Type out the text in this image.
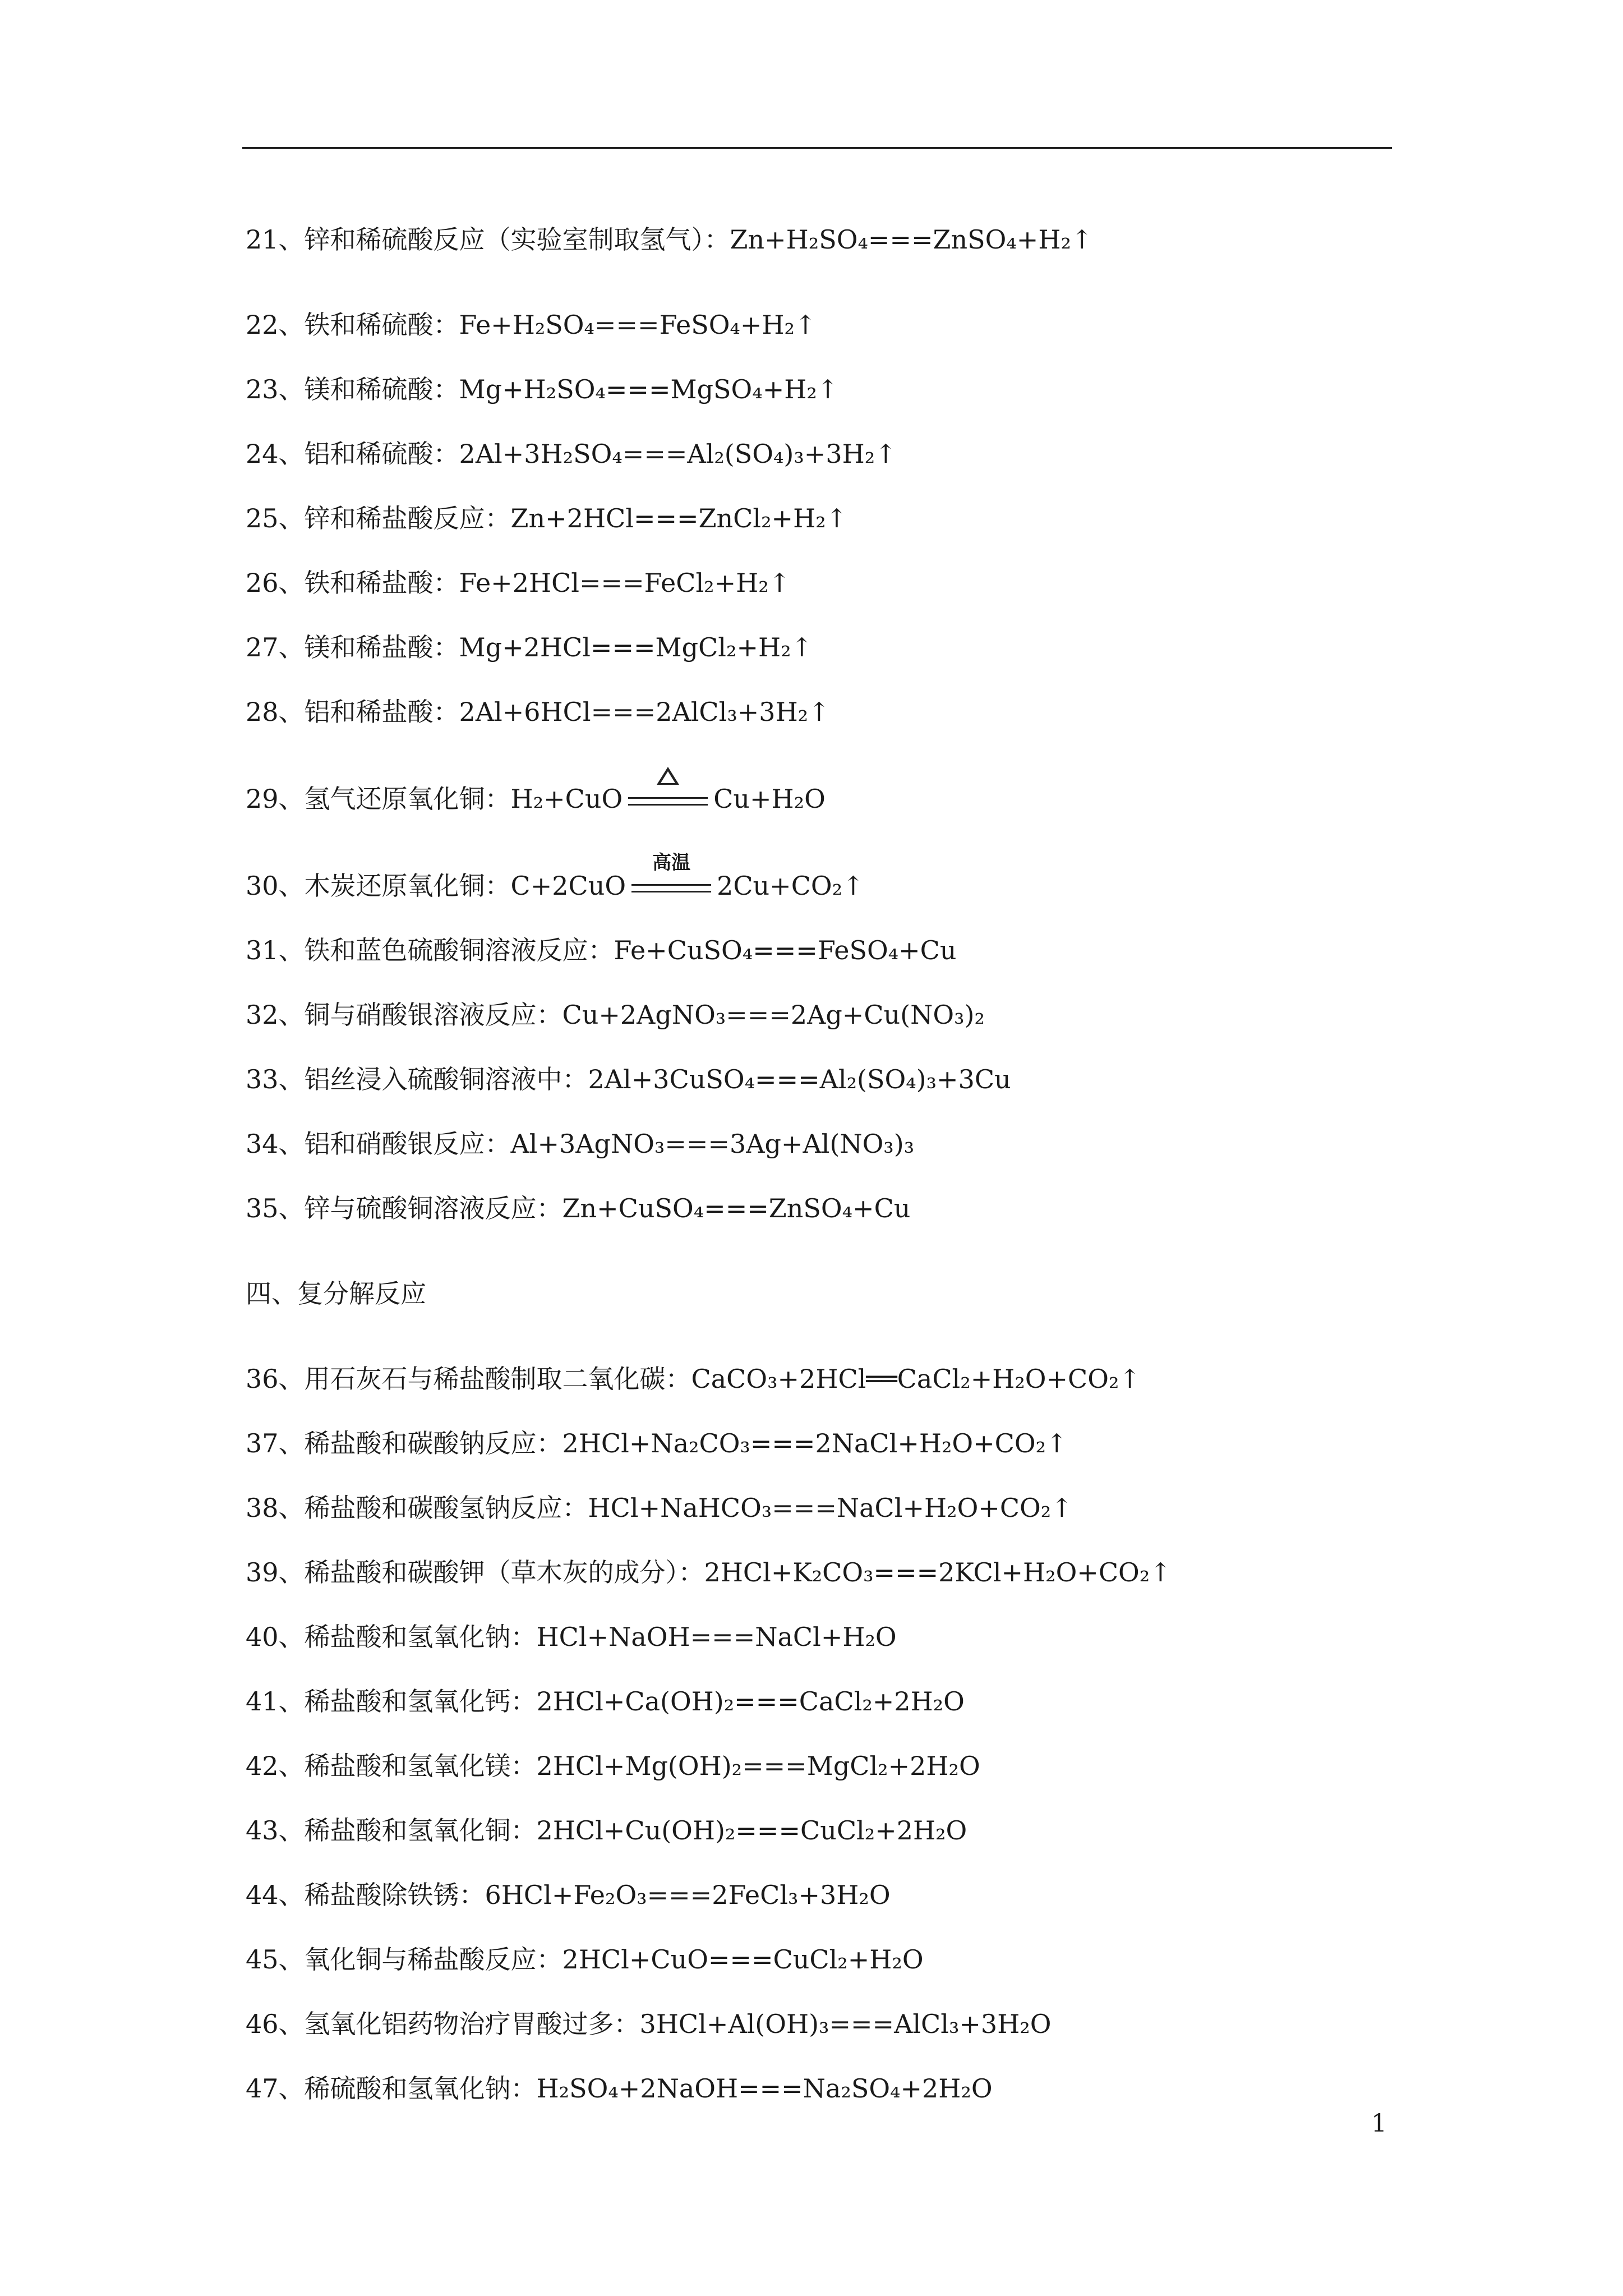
21、锌和稀硫酸反应（实验室制取氢气）：Zn+H₂SO₄===ZnSO₄+H₂↑
22、铁和稀硫酸：Fe+H₂SO₄===FeSO₄+H₂↑
23、镁和稀硫酸：Mg+H₂SO₄===MgSO₄+H₂↑
24、铝和稀硫酸：2Al+3H₂SO₄===Al₂(SO₄)₃+3H₂↑
25、锌和稀盐酸反应：Zn+2HCl===ZnCl₂+H₂↑
26、铁和稀盐酸：Fe+2HCl===FeCl₂+H₂↑
27、镁和稀盐酸：Mg+2HCl===MgCl₂+H₂↑
28、铝和稀盐酸：2Al+6HCl===2AlCl₃+3H₂↑
29、氢气还原氧化铜：H₂+CuO	Cu+H₂O
30、木炭还原氧化铜：C+2CuO
高温
2Cu+CO₂↑
31、铁和蓝色硫酸铜溶液反应：Fe+CuSO₄===FeSO₄+Cu
32、铜与硝酸银溶液反应：Cu+2AgNO₃===2Ag+Cu(NO₃)₂
33、铝丝浸入硫酸铜溶液中：2Al+3CuSO₄===Al₂(SO₄)₃+3Cu
34、铝和硝酸银反应：Al+3AgNO₃===3Ag+Al(NO₃)₃
35、锌与硫酸铜溶液反应：Zn+CuSO₄===ZnSO₄+Cu
四、复分解反应
36、用石灰石与稀盐酸制取二氧化碳：CaCO₃+2HCl══CaCl₂+H₂O+CO₂↑
37、稀盐酸和碳酸钠反应：2HCl+Na₂CO₃===2NaCl+H₂O+CO₂↑
38、稀盐酸和碳酸氢钠反应：HCl+NaHCO₃===NaCl+H₂O+CO₂↑
39、稀盐酸和碳酸钾（草木灰的成分）：2HCl+K₂CO₃===2KCl+H₂O+CO₂↑
40、稀盐酸和氢氧化钠：HCl+NaOH===NaCl+H₂O
41、稀盐酸和氢氧化钙：2HCl+Ca(OH)₂===CaCl₂+2H₂O
42、稀盐酸和氢氧化镁：2HCl+Mg(OH)₂===MgCl₂+2H₂O
43、稀盐酸和氢氧化铜：2HCl+Cu(OH)₂===CuCl₂+2H₂O
44、稀盐酸除铁锈：6HCl+Fe₂O₃===2FeCl₃+3H₂O
45、氧化铜与稀盐酸反应：2HCl+CuO===CuCl₂+H₂O
46、氢氧化铝药物治疗胃酸过多：3HCl+Al(OH)₃===AlCl₃+3H₂O
47、稀硫酸和氢氧化钠：H₂SO₄+2NaOH===Na₂SO₄+2H₂O
1
